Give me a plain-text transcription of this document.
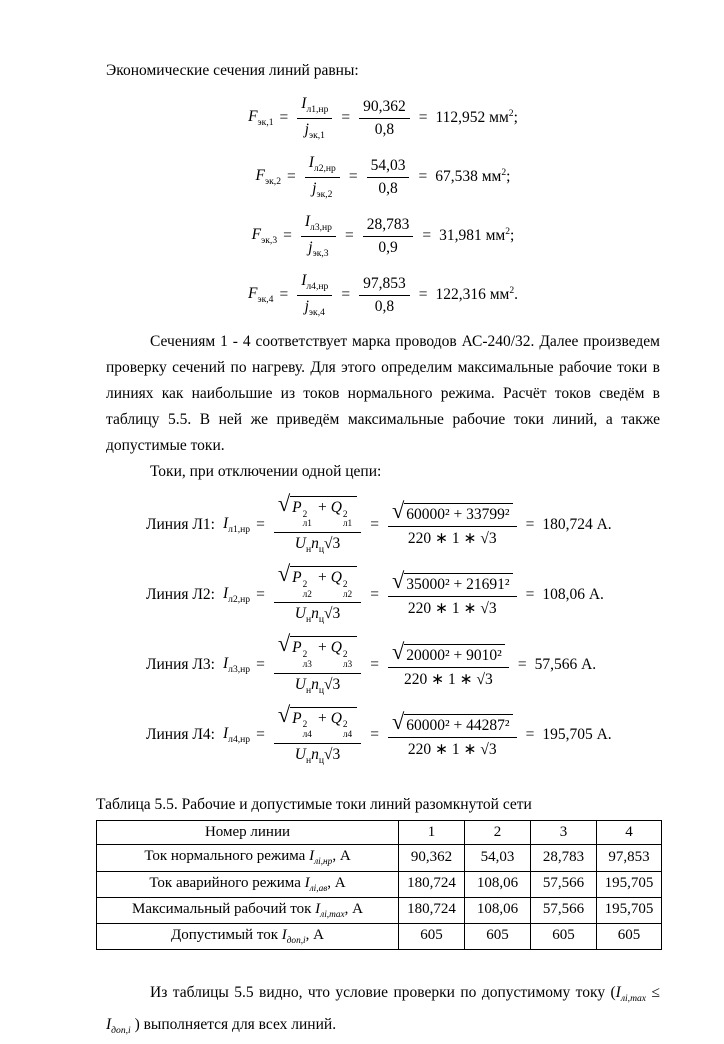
Экономические сечения линий равны:

$F_{эк,1} = \frac{I_{л1,нр}}{j_{эк,1}} = \frac{90,362}{0,8} = 112,952$ $мм^2$;
$F_{эк,2} = \frac{I_{л2,нр}}{j_{эк,2}} = \frac{54,03}{0,8} = 67,538$ $мм^2$;
$F_{эк,3} = \frac{I_{л3,нр}}{j_{эк,3}} = \frac{28,783}{0,9} = 31,981$ $мм^2$;
$F_{эк,4} = \frac{I_{л4,нр}}{j_{эк,4}} = \frac{97,853}{0,8} = 122,316$ $мм^2$.

Сечениям 1 - 4 соответствует марка проводов АС-240/32. Далее произведем проверку сечений по нагреву. Для этого определим максимальные рабочие токи в линиях как наибольшие из токов нормального режима. Расчёт токов сведём в таблицу 5.5. В ней же приведём максимальные рабочие токи линий, а также допустимые токи.

Токи, при отключении одной цепи:

Линия Л1: $I_{л1,нр}$ = √ P 2
л1
+ Q 2
л1
$U_нn_ц√3 = \frac{\text{√ 60000² + 33799²}}{220 ∗ 1 ∗ √3} = 180,724$ А.
Линия Л2: $I_{л2,нр}$ = √ P 2
л2
+ Q 2
л2
$U_нn_ц√3 = \frac{\text{√ 35000² + 21691²}}{220 ∗ 1 ∗ √3} = 108,06$ А.
Линия Л3: $I_{л3,нр}$ = √ P 2
л3
+ Q 2
л3
$U_нn_ц√3 = \frac{\text{√ 20000² + 9010²}}{220 ∗ 1 ∗ √3} = 57,566$ А.
Линия Л4: $I_{л4,нр}$ = √ P 2
л4
+ Q 2
л4
$U_нn_ц√3 = \frac{\text{√ 60000² + 44287²}}{220 ∗ 1 ∗ √3} = 195,705$ А.
Таблица 5.5. Рабочие и допустимые токи линий разомкнутой сети
Номер линии	1	2	3	4
Ток нормального режима $I_{лi,нр}$, А	90,362	54,03	28,783	97,853
Ток аварийного режима $I_{лi,ав}$, А	180,724	108,06	57,566	195,705
Максимальный рабочий ток $I_{лi,max}$, А	180,724	108,06	57,566	195,705
Допустимый ток $I_{доп,i}$, А	605	605	605	605

Из таблицы 5.5 видно, что условие проверки по допустимому току ($I_{лi,max} \le I_{доп,i}$ ) выполняется для всех линий.
